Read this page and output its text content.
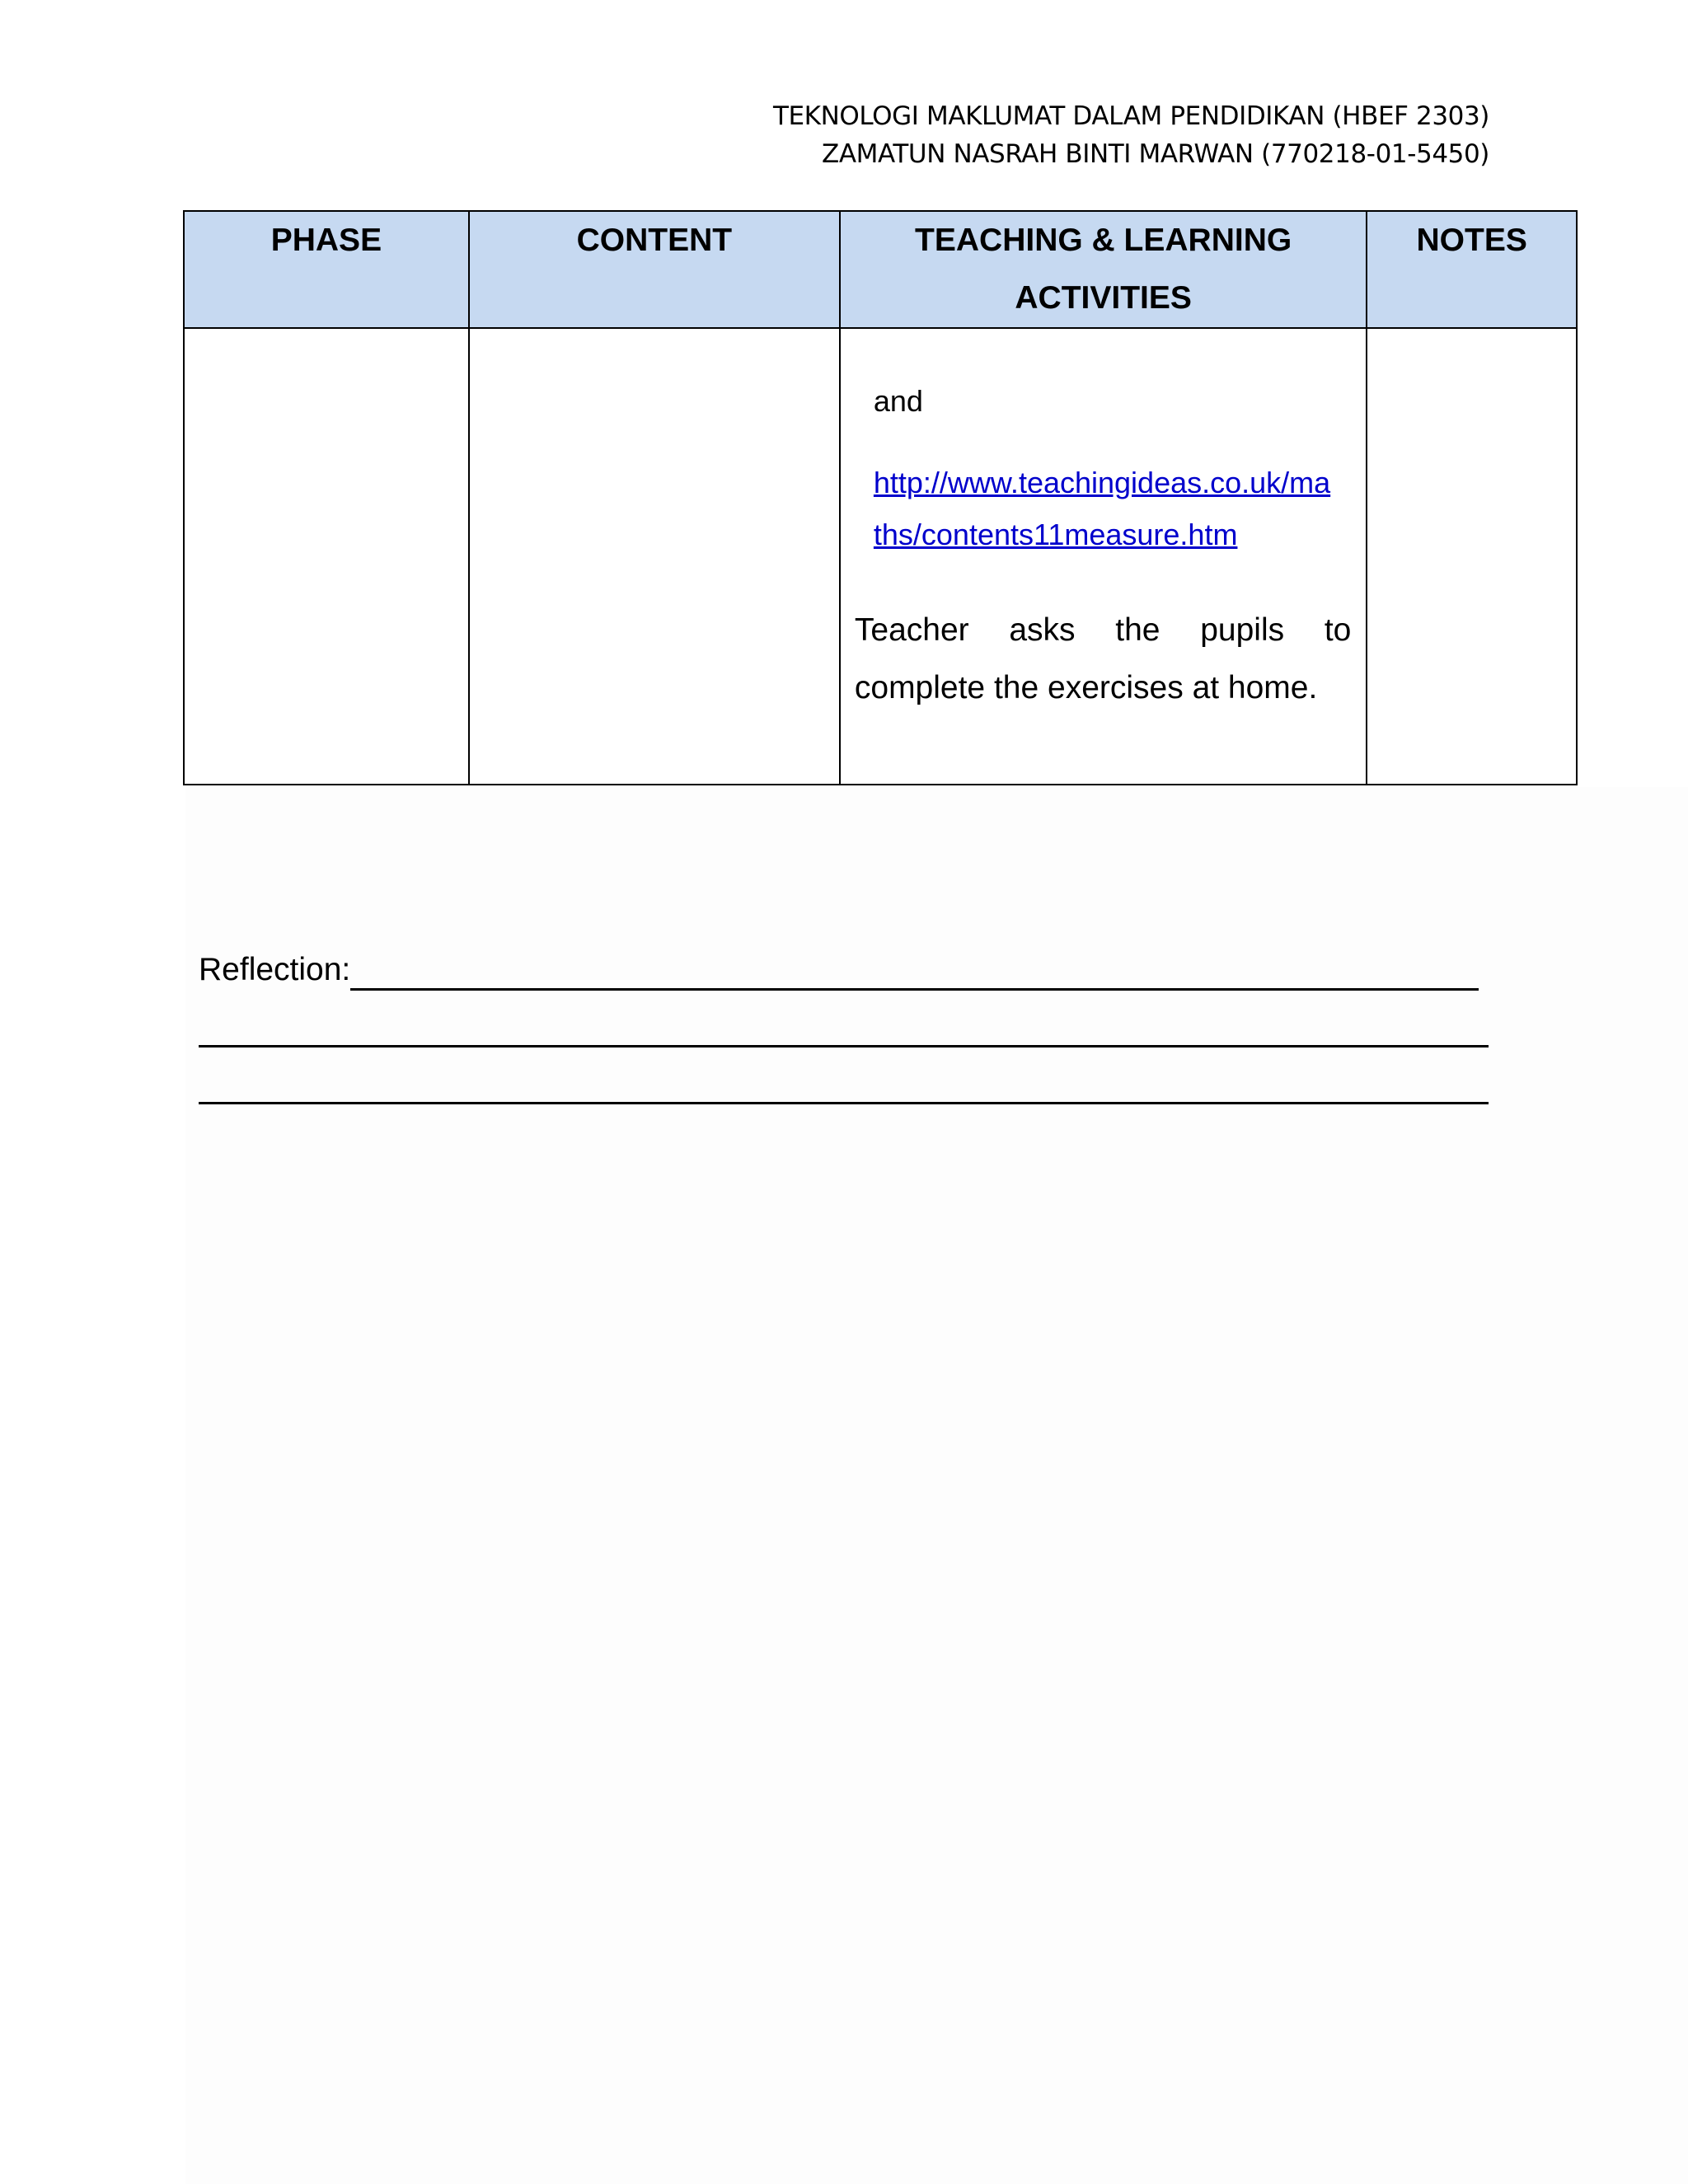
TEKNOLOGI MAKLUMAT DALAM PENDIDIKAN (HBEF 2303)
ZAMATUN NASRAH BINTI MARWAN (770218-01-5450)
PHASE	CONTENT	TEACHING & LEARNING ACTIVITIES	NOTES

		and
http://www.teachingideas.co.uk/maths/contents11measure.htm
Teacher asks the pupils to complete the exercises at home.	

Reflection:
